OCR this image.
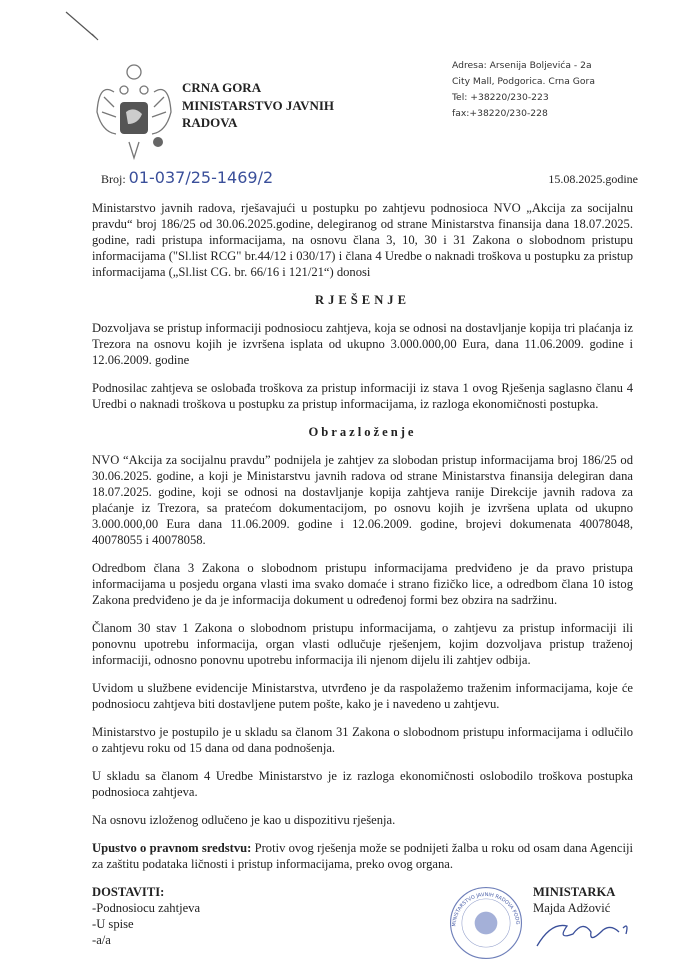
CRNA GORA
MINISTARSTVO JAVNIH
RADOVA
Adresa: Arsenija Boljevića - 2a
City Mall, Podgorica. Crna Gora
Tel: +38220/230-223
fax:+38220/230-228
Broj: 01-037/25-1469/2	15.08.2025.godine
Ministarstvo javnih radova, rješavajući u postupku po zahtjevu podnosioca NVO „Akcija za socijalnu pravdu“ broj 186/25 od 30.06.2025.godine, delegiranog od strane Ministarstva finansija dana 18.07.2025. godine, radi pristupa informacijama, na osnovu člana 3, 10, 30 i 31 Zakona o slobodnom pristupu informacijama ("Sl.list RCG" br.44/12 i 030/17) i člana 4 Uredbe o naknadi troškova u postupku za pristup informacijama („Sl.list CG. br. 66/16 i 121/21“) donosi
RJEŠENJE
Dozvoljava se pristup informaciji podnosiocu zahtjeva, koja se odnosi na dostavljanje kopija tri plaćanja iz Trezora na osnovu kojih je izvršena isplata od ukupno 3.000.000,00 Eura, dana 11.06.2009. godine i 12.06.2009. godine
Podnosilac zahtjeva se oslobađa troškova za pristup informaciji iz stava 1 ovog Rješenja saglasno članu 4 Uredbi o naknadi troškova u postupku za pristup informacijama, iz razloga ekonomičnosti postupka.
Obrazloženje
NVO “Akcija za socijalnu pravdu” podnijela je zahtjev za slobodan pristup informacijama broj 186/25 od 30.06.2025. godine, a koji je Ministarstvu javnih radova od strane Ministarstva finansija delegiran dana 18.07.2025. godine, koji se odnosi na dostavljanje kopija zahtjeva ranije Direkcije javnih radova za plaćanje iz Trezora, sa pratećom dokumentacijom, po osnovu kojih je izvršena uplata od ukupno 3.000.000,00 Eura dana 11.06.2009. godine i 12.06.2009. godine, brojevi dokumenata 40078048, 40078055 i 40078058.
Odredbom člana 3 Zakona o slobodnom pristupu informacijama predviđeno je da pravo pristupa informacijama u posjedu organa vlasti ima svako domaće i strano fizičko lice, a odredbom člana 10 istog Zakona predviđeno je da je informacija dokument u određenoj formi bez obzira na sadržinu.
Članom 30 stav 1 Zakona o slobodnom pristupu informacijama, o zahtjevu za pristup informaciji ili ponovnu upotrebu informacija, organ vlasti odlučuje rješenjem, kojim dozvoljava pristup traženoj informaciji, odnosno ponovnu upotrebu informacija ili njenom dijelu ili zahtjev odbija.
Uvidom u službene evidencije Ministarstva, utvrđeno je da raspolažemo traženim informacijama, koje će podnosiocu zahtjeva biti dostavljene putem pošte, kako je i navedeno u zahtjevu.
Ministarstvo je postupilo je u skladu sa članom 31 Zakona o slobodnom pristupu informacijama i odlučilo o zahtjevu roku od 15 dana od dana podnošenja.
U skladu sa članom 4 Uredbe Ministarstvo je iz razloga ekonomičnosti oslobodilo troškova postupka podnosioca zahtjeva.
Na osnovu izloženog odlučeno je kao u dispozitivu rješenja.
Upustvo o pravnom sredstvu: Protiv ovog rješenja može se podnijeti žalba u roku od osam dana Agenciji za zaštitu podataka ličnosti i pristup informacijama, preko ovog organa.
DOSTAVITI:
-Podnosiocu zahtjeva
-U spise
-a/a
MINISTARSTVO JAVNIH RADOVA PODG
MINISTARKA
Majda Adžović
